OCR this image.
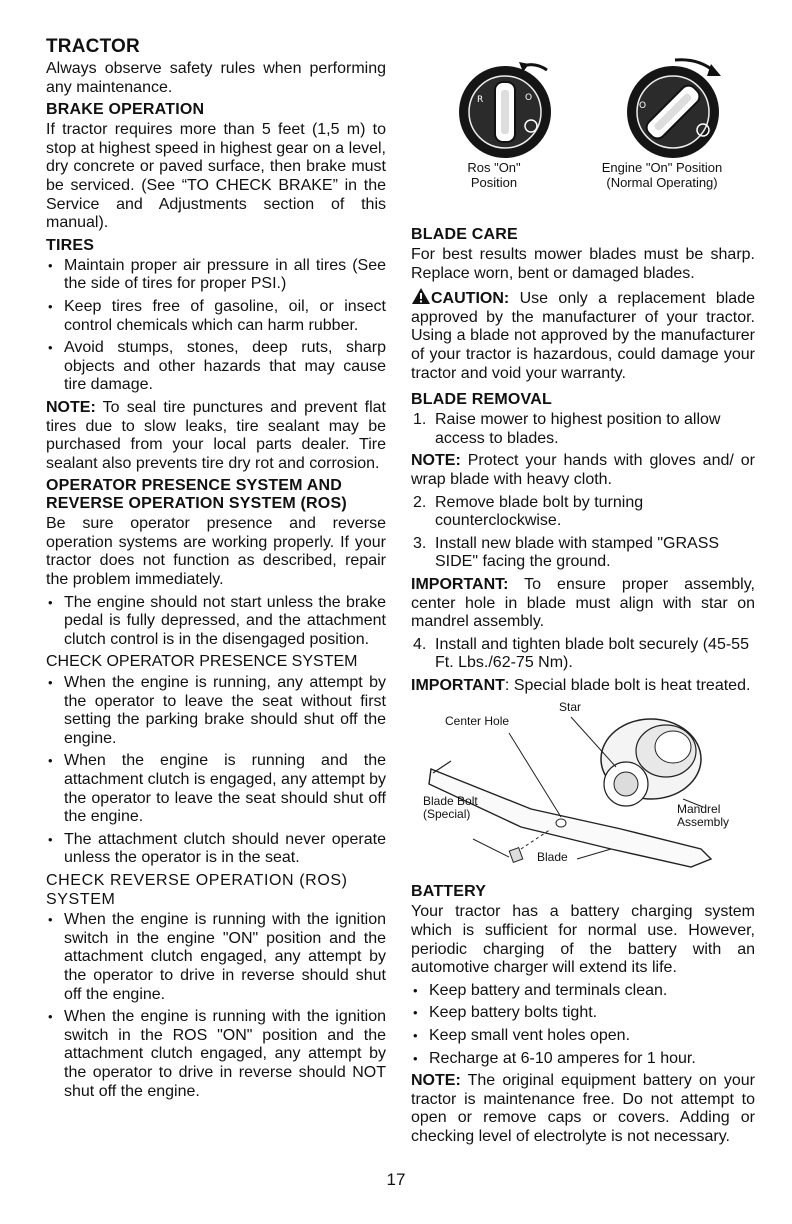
TRACTOR
Always observe safety rules when performing any maintenance.
BRAKE OPERATION
If tractor requires more than 5 feet (1,5 m) to stop at highest speed in highest gear on a level, dry concrete or paved surface, then brake must be serviced. (See “TO CHECK BRAKE” in the Service and Adjustments section of this manual).
TIRES
• Maintain proper air pressure in all tires (See the side of tires for proper PSI.)
• Keep tires free of gasoline, oil, or insect control chemicals which can harm rubber.
• Avoid stumps, stones, deep ruts, sharp objects and other hazards that may cause tire damage.
NOTE: To seal tire punctures and prevent flat tires due to slow leaks, tire sealant may be purchased from your local parts dealer. Tire sealant also prevents tire dry rot and corrosion.
OPERATOR PRESENCE SYSTEM AND REVERSE OPERATION SYSTEM (ROS)
Be sure operator presence and reverse operation systems are working properly. If your tractor does not function as described, repair the problem immediately.
• The engine should not start unless the brake pedal is fully depressed, and the attachment clutch control is in the disengaged position.
CHECK OPERATOR PRESENCE SYSTEM
• When the engine is running, any attempt by the operator to leave the seat without first setting the parking brake should shut off the engine.
• When the engine is running and the attachment clutch is engaged, any attempt by the operator to leave the seat should shut off the engine.
• The attachment clutch should never operate unless the operator is in the seat.
CHECK REVERSE OPERATION (ROS) SYSTEM
• When the engine is running with the ignition switch in the engine "ON" position and the attachment clutch engaged, any attempt by the operator to drive in reverse should shut off the engine.
• When the engine is running with the ignition switch in the ROS "ON" position and the attachment clutch engaged, any attempt by the operator to drive in reverse should NOT shut off the engine.
R	O
O
Ros "On"
Position
Engine "On" Position
(Normal Operating)
BLADE CARE
For best results mower blades must be sharp. Replace worn, bent or damaged blades.
CAUTION: Use only a replacement blade approved by the manufacturer of your tractor. Using a blade not approved by the manufacturer of your tractor is hazardous, could damage your tractor and void your warranty.
BLADE REMOVAL
1. Raise mower to highest position to allow access to blades.
NOTE: Protect your hands with gloves and/ or wrap blade with heavy cloth.
2. Remove blade bolt by turning counterclockwise.
3. Install new blade with stamped "GRASS SIDE" facing the ground.
IMPORTANT: To ensure proper assembly, center hole in blade must align with star on mandrel assembly.
4. Install and tighten blade bolt securely (45-55 Ft. Lbs./62-75 Nm).
IMPORTANT: Special blade bolt is heat treated.
Star
Center Hole
Blade Bolt
(Special)	Mandrel
Assembly
Blade
BATTERY
Your tractor has a battery charging system which is sufficient for normal use. However, periodic charging of the battery with an automotive charger will extend its life.
• Keep battery and terminals clean.
• Keep battery bolts tight.
• Keep small vent holes open.
• Recharge at 6-10 amperes for 1 hour.
NOTE: The original equipment battery on your tractor is maintenance free. Do not attempt to open or remove caps or covers. Adding or checking level of electrolyte is not necessary.
17
